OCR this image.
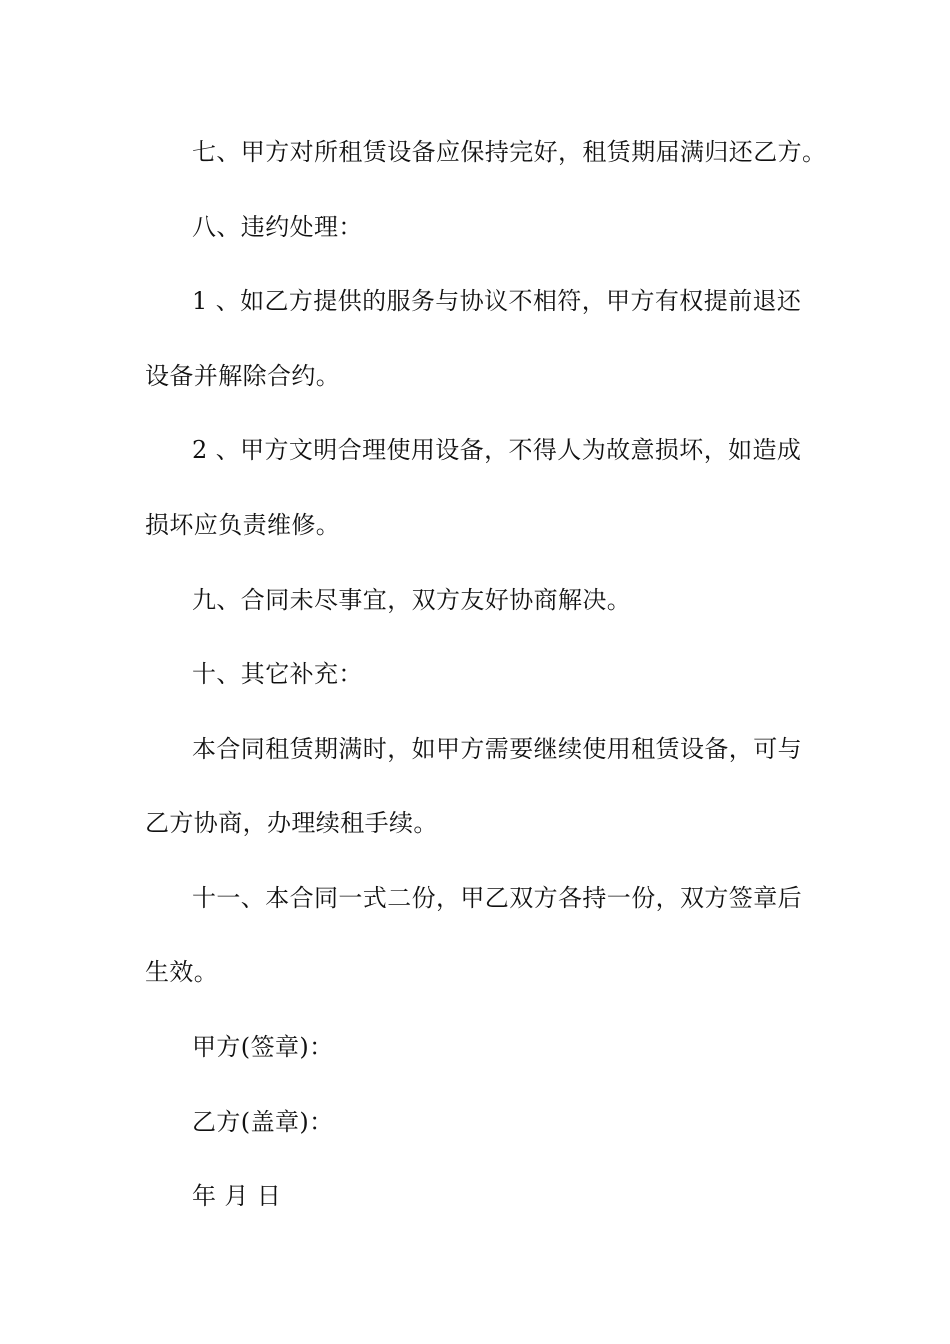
七、甲方对所租赁设备应保持完好，租赁期届满归还乙方。
八、违约处理：
1 、如乙方提供的服务与协议不相符，甲方有权提前退还
设备并解除合约。
2 、甲方文明合理使用设备，不得人为故意损坏，如造成
损坏应负责维修。
九、合同未尽事宜，双方友好协商解决。
十、其它补充：
本合同租赁期满时，如甲方需要继续使用租赁设备，可与
乙方协商，办理续租手续。
十一、本合同一式二份，甲乙双方各持一份，双方签章后
生效。
甲方(签章)：
乙方(盖章)：
年 月 日
